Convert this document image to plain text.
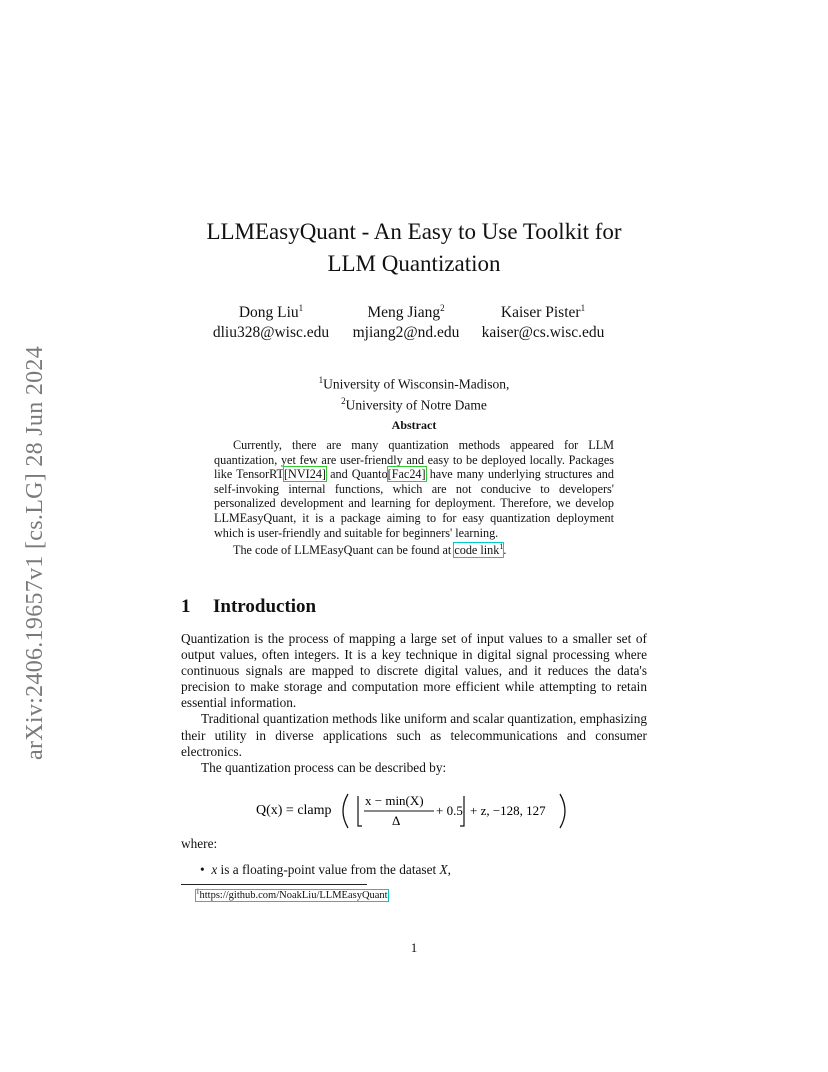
arXiv:2406.19657v1 [cs.LG] 28 Jun 2024
LLMEasyQuant - An Easy to Use Toolkit for
LLM Quantization
Dong Liu$^1$
dliu328@wisc.edu
Meng Jiang$^2$
mjiang2@nd.edu
Kaiser Pister$^1$
kaiser@cs.wisc.edu
$^1$University of Wisconsin-Madison,
$^2$University of Notre Dame
Abstract

Currently, there are many quantization methods appeared for LLM quantization, yet few are user-friendly and easy to be deployed locally. Packages like TensorRT[NVI24] and Quanto[Fac24] have many underlying structures and self-invoking internal functions, which are not conducive to developers' personalized development and learning for deployment. Therefore, we develop LLMEasyQuant, it is a package aiming to for easy quantization deployment which is user-friendly and suitable for beginners' learning.

The code of LLMEasyQuant can be found at code link$^1$.

1 Introduction

Quantization is the process of mapping a large set of input values to a smaller set of output values, often integers. It is a key technique in digital signal processing where continuous signals are mapped to discrete digital values, and it reduces the data's precision to make storage and computation more efficient while attempting to retain essential information.

Traditional quantization methods like uniform and scalar quantization, emphasizing their utility in diverse applications such as telecommunications and consumer electronics.

The quantization process can be described by:

Q(x) = clamp
x − min(X)
Δ
+ 0.5 + z, −128, 127
where:
• x is a floating-point value from the dataset X,
$^1$https://github.com/NoakLiu/LLMEasyQuant
1
